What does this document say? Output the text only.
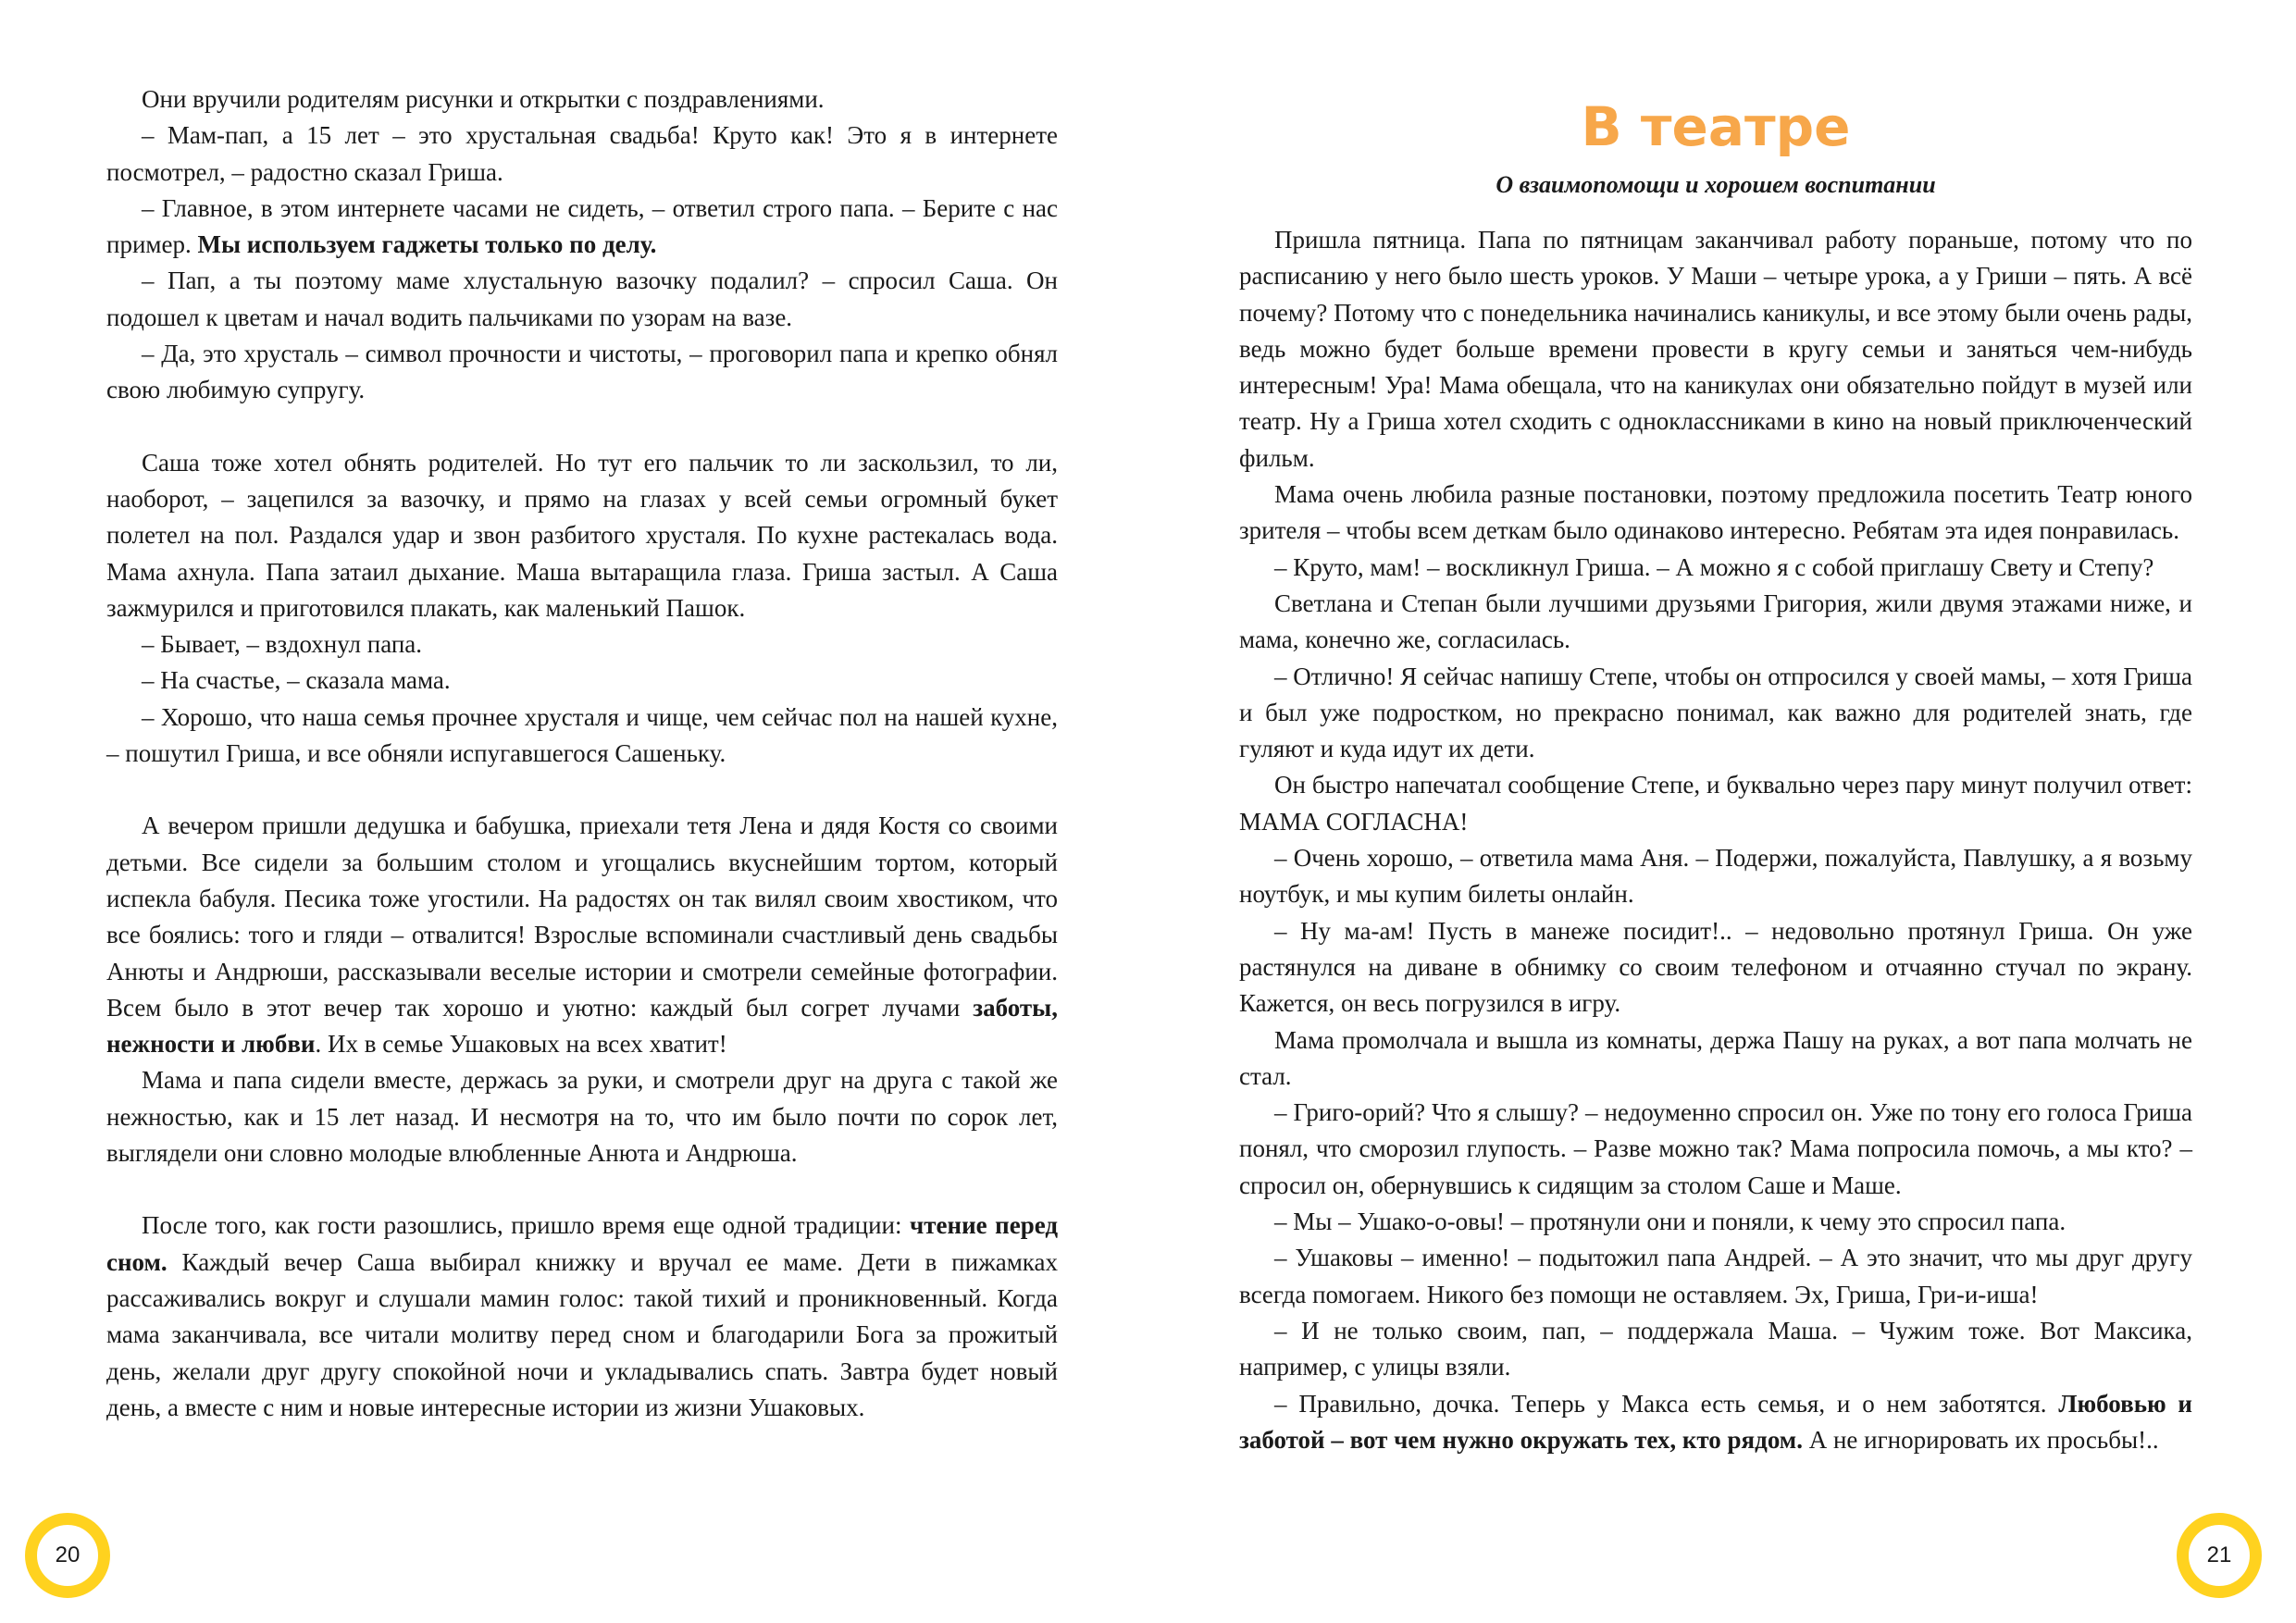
Они вручили родителям рисунки и открытки с поздравлениями.

– Мам-пап, а 15 лет – это хрустальная свадьба! Круто как! Это я в интернете посмотрел, – радостно сказал Гриша.

– Главное, в этом интернете часами не сидеть, – ответил строго папа. – Берите с нас пример. Мы используем гаджеты только по делу.

– Пап, а ты поэтому маме хлустальную вазочку подалил? – спросил Саша. Он подошел к цветам и начал водить пальчиками по узорам на вазе.

– Да, это хрусталь – символ прочности и чистоты, – проговорил папа и крепко обнял свою любимую супругу.

Саша тоже хотел обнять родителей. Но тут его пальчик то ли заскользил, то ли, наоборот, – зацепился за вазочку, и прямо на глазах у всей семьи огромный букет полетел на пол. Раздался удар и звон разбитого хрусталя. По кухне растекалась вода. Мама ахнула. Папа затаил дыхание. Маша вытаращила глаза. Гриша застыл. А Саша зажмурился и приготовился плакать, как маленький Пашок.

– Бывает, – вздохнул папа.

– На счастье, – сказала мама.

– Хорошо, что наша семья прочнее хрусталя и чище, чем сейчас пол на нашей кухне, – пошутил Гриша, и все обняли испугавшегося Сашеньку.

А вечером пришли дедушка и бабушка, приехали тетя Лена и дядя Костя со своими детьми. Все сидели за большим столом и угощались вкуснейшим тортом, который испекла бабуля. Песика тоже угостили. На радостях он так вилял своим хвостиком, что все боялись: того и гляди – отвалится! Взрослые вспоминали счастливый день свадьбы Анюты и Андрюши, рассказывали веселые истории и смотрели семейные фотографии. Всем было в этот вечер так хорошо и уютно: каждый был согрет лучами заботы, нежности и любви. Их в семье Ушаковых на всех хватит!

Мама и папа сидели вместе, держась за руки, и смотрели друг на друга с такой же нежностью, как и 15 лет назад. И несмотря на то, что им было почти по сорок лет, выглядели они словно молодые влюбленные Анюта и Андрюша.

После того, как гости разошлись, пришло время еще одной традиции: чтение перед сном. Каждый вечер Саша выбирал книжку и вручал ее маме. Дети в пижамках рассаживались вокруг и слушали мамин голос: такой тихий и проникновенный. Когда мама заканчивала, все читали молитву перед сном и благодарили Бога за прожитый день, желали друг другу спокойной ночи и укладывались спать. Завтра будет новый день, а вместе с ним и новые интересные истории из жизни Ушаковых.

20
В театре
О взаимопомощи и хорошем воспитании

Пришла пятница. Папа по пятницам заканчивал работу пораньше, потому что по расписанию у него было шесть уроков. У Маши – четыре урока, а у Гриши – пять. А всё почему? Потому что с понедельника начинались каникулы, и все этому были очень рады, ведь можно будет больше времени провести в кругу семьи и заняться чем-нибудь интересным! Ура! Мама обещала, что на каникулах они обязательно пойдут в музей или театр. Ну а Гриша хотел сходить с одноклассниками в кино на новый приключенческий фильм.

Мама очень любила разные постановки, поэтому предложила посетить Театр юного зрителя – чтобы всем деткам было одинаково интересно. Ребятам эта идея понравилась.

– Круто, мам! – воскликнул Гриша. – А можно я с собой приглашу Свету и Степу?

Светлана и Степан были лучшими друзьями Григория, жили двумя этажами ниже, и мама, конечно же, согласилась.

– Отлично! Я сейчас напишу Степе, чтобы он отпросился у своей мамы, – хотя Гриша и был уже подростком, но прекрасно понимал, как важно для родителей знать, где гуляют и куда идут их дети.

Он быстро напечатал сообщение Степе, и буквально через пару минут получил ответ: МАМА СОГЛАСНА!

– Очень хорошо, – ответила мама Аня. – Подержи, пожалуйста, Павлушку, а я возьму ноутбук, и мы купим билеты онлайн.

– Ну ма-ам! Пусть в манеже посидит!.. – недовольно протянул Гриша. Он уже растянулся на диване в обнимку со своим телефоном и отчаянно стучал по экрану. Кажется, он весь погрузился в игру.

Мама промолчала и вышла из комнаты, держа Пашу на руках, а вот папа молчать не стал.

– Григо-орий? Что я слышу? – недоуменно спросил он. Уже по тону его голоса Гриша понял, что сморозил глупость. – Разве можно так? Мама попросила помочь, а мы кто? – спросил он, обернувшись к сидящим за столом Саше и Маше.

– Мы – Ушако-о-овы! – протянули они и поняли, к чему это спросил папа.

– Ушаковы – именно! – подытожил папа Андрей. – А это значит, что мы друг другу всегда помогаем. Никого без помощи не оставляем. Эх, Гриша, Гри-и-иша!

– И не только своим, пап, – поддержала Маша. – Чужим тоже. Вот Максика, например, с улицы взяли.

– Правильно, дочка. Теперь у Макса есть семья, и о нем заботятся. Любовью и заботой – вот чем нужно окружать тех, кто рядом. А не игнорировать их просьбы!..

21
